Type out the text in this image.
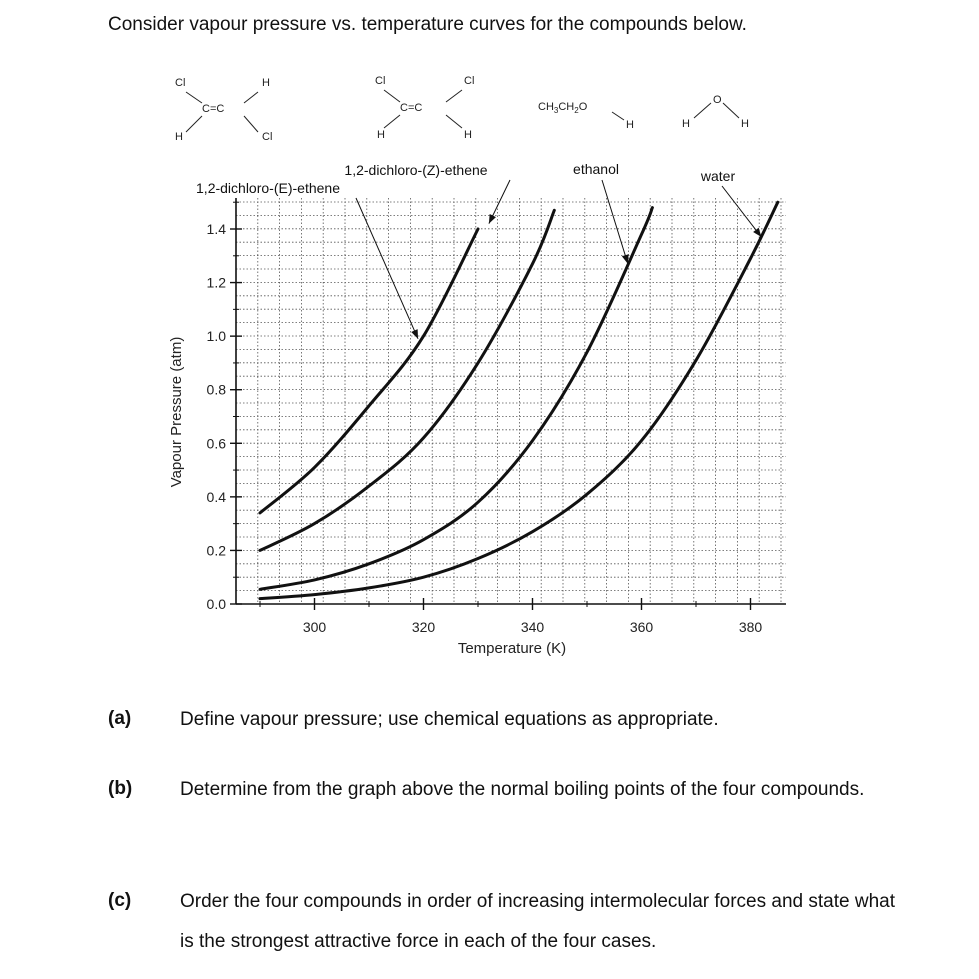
Consider vapour pressure vs. temperature curves for the compounds below.
Cl	H
C=C
H	Cl
Cl	Cl
C=C
H	H
$CH_3CH_2O$
H
O
H	H
0.0
0.2
0.4
0.6
0.8
1.0
1.2
1.4
300	320	340	360	380
Temperature (K)
Vapour Pressure (atm)
1,2-dichloro-(Z)-ethene
1,2-dichloro-(E)-ethene
ethanol	water
(a)	Define vapour pressure; use chemical equations as appropriate.
(b)	Determine from the graph above the normal boiling points of the four compounds.
(c)	Order the four compounds in order of increasing intermolecular forces and state what is the strongest attractive force in each of the four cases.
